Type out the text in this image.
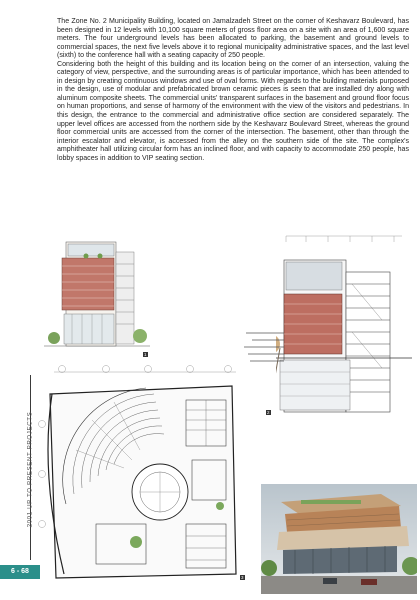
The Zone No. 2 Municipality Building, located on Jamalzadeh Street on the corner of Keshavarz Boulevard, has been designed in 12 levels with 10,100 square meters of gross floor area on a site with an area of 1,600 square meters. The four underground levels has been allocated to parking, the basement and ground levels to commercial spaces, the next five levels above it to regional municipality administrative spaces, and the last level (sixth) to the conference hall with a seating capacity of 250 people.

Considering both the height of this building and its location being on the corner of an intersection, valuing the category of view, perspective, and the surrounding areas is of particular importance, which has been attended to in design by creating continuous windows and use of oval forms. With regards to the building materials purposed in the design, use of modular and prefabricated brown ceramic pieces is seen that are installed dry along with aluminum composite sheets. The commercial units' transparent surfaces in the basement and ground floor focus on human proportions, and sense of harmony of the environment with the view of the visitors and pedestrians. In this design, the entrance to the commercial and administrative office section are considered separately. The upper level offices are accessed from the northern side by the Keshavarz Boulevard Street, whereas the ground floor commercial units are accessed from the corner of the intersection. The basement, other than through the interior escalator and elevator, is accessed from the alley on the southern side of the site. The complex's amphitheater hall utilizing circular form has an inclined floor, and with capacity to accommodate 250 people, has lobby spaces in addition to VIP seating section.

1
2
3
2001 UP TO PRESENT PROJECTS
6 - 68
